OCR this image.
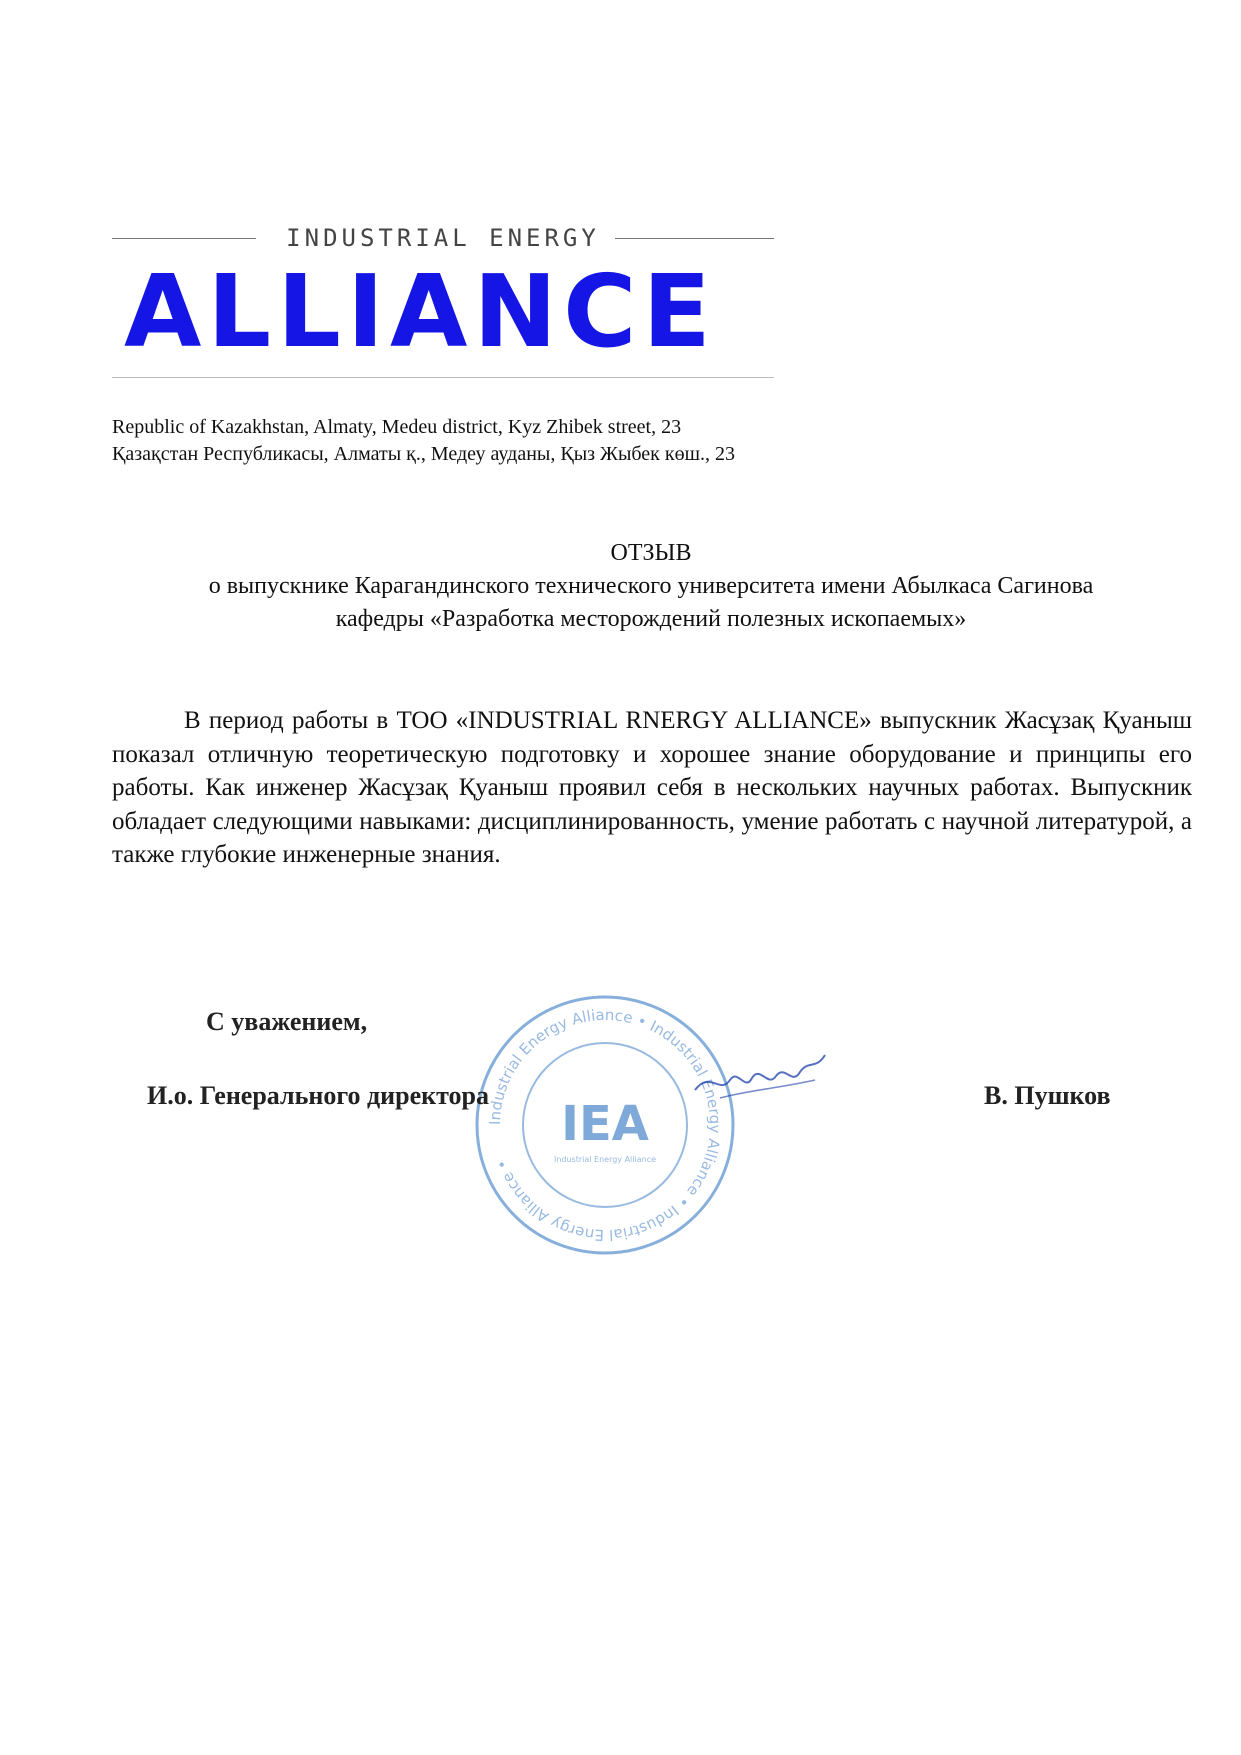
INDUSTRIAL ENERGY
ALLIANCE
Republic of Kazakhstan, Almaty, Medeu district, Kyz Zhibek street, 23
Қазақстан Республикасы, Алматы қ., Медеу ауданы, Қыз Жыбек көш., 23
ОТЗЫВ
о выпускнике Карагандинского технического университета имени Абылкаса Сагинова
кафедры «Разработка месторождений полезных ископаемых»
В период работы в ТОО «INDUSTRIAL RNERGY ALLIANCE» выпускник Жасұзақ Қуаныш показал отличную теоретическую подготовку и хорошее знание оборудование и принципы его работы. Как инженер Жасұзақ Қуаныш проявил себя в нескольких научных работах. Выпускник обладает следующими навыками: дисциплинированность, умение работать с научной литературой, а также глубокие инженерные знания.
Industrial Energy Alliance • Industrial Energy Alliance • Industrial Energy Alliance •
IEA
Industrial Energy Alliance
С уважением,
И.о. Генерального директора	В. Пушков
